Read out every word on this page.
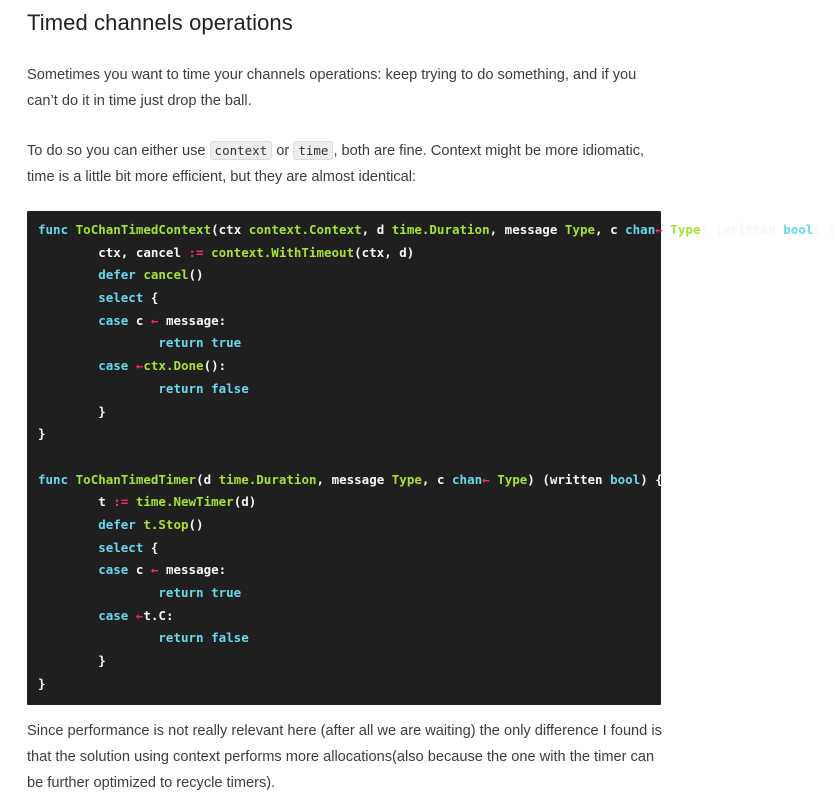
Timed channels operations

Sometimes you want to time your channels operations: keep trying to do something, and if you can’t do it in time just drop the ball.

To do so you can either use context or time , both are fine. Context might be more idiomatic, time is a little bit more efficient, but they are almost identical:

func ToChanTimedContext(ctx context.Context, d time.Duration, message Type, c chan← Type) (written bool) {
ctx, cancel := context.WithTimeout(ctx, d)
defer cancel()
select {
case c ← message:
return true
case ←ctx.Done():
return false
}
}

func ToChanTimedTimer(d time.Duration, message Type, c chan← Type) (written bool) {
t := time.NewTimer(d)
defer t.Stop()
select {
case c ← message:
return true
case ←t.C:
return false
}
}

Since performance is not really relevant here (after all we are waiting) the only difference I found is that the solution using context performs more allocations(also because the one with the timer can be further optimized to recycle timers).
